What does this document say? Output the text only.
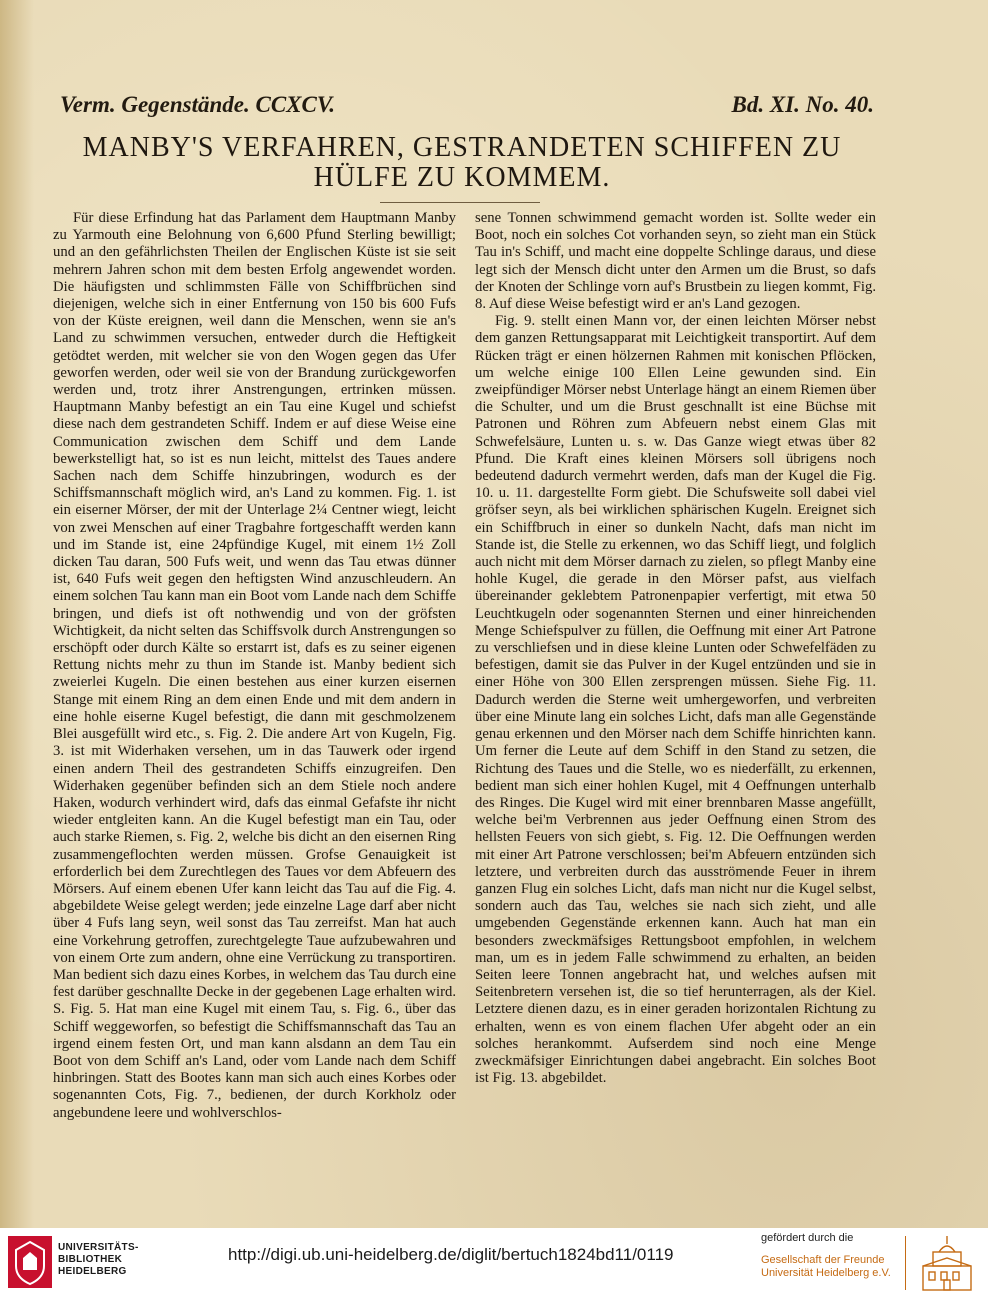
Verm. Gegenstände. CCXCV.	Bd. XI. No. 40.
MANBY'S VERFAHREN, GESTRANDETEN SCHIFFEN ZU HÜLFE ZU KOMMEM.

Für diese Erfindung hat das Parlament dem Hauptmann Manby zu Yarmouth eine Belohnung von 6,600 Pfund Sterling bewilligt; und an den gefährlichsten Theilen der Englischen Küste ist sie seit mehrern Jahren schon mit dem besten Erfolg angewendet worden. Die häufigsten und schlimmsten Fälle von Schiffbrüchen sind diejenigen, welche sich in einer Entfernung von 150 bis 600 Fufs von der Küste ereignen, weil dann die Menschen, wenn sie an's Land zu schwimmen versuchen, entweder durch die Heftigkeit getödtet werden, mit welcher sie von den Wogen gegen das Ufer geworfen werden, oder weil sie von der Brandung zurückgeworfen werden und, trotz ihrer Anstrengungen, ertrinken müssen. Hauptmann Manby befestigt an ein Tau eine Kugel und schiefst diese nach dem gestrandeten Schiff. Indem er auf diese Weise eine Communication zwischen dem Schiff und dem Lande bewerkstelligt hat, so ist es nun leicht, mittelst des Taues andere Sachen nach dem Schiffe hinzubringen, wodurch es der Schiffsmannschaft möglich wird, an's Land zu kommen. Fig. 1. ist ein eiserner Mörser, der mit der Unterlage 2¼ Centner wiegt, leicht von zwei Menschen auf einer Tragbahre fortgeschafft werden kann und im Stande ist, eine 24pfündige Kugel, mit einem 1½ Zoll dicken Tau daran, 500 Fufs weit, und wenn das Tau etwas dünner ist, 640 Fufs weit gegen den heftigsten Wind anzuschleudern. An einem solchen Tau kann man ein Boot vom Lande nach dem Schiffe bringen, und diefs ist oft nothwendig und von der gröfsten Wichtigkeit, da nicht selten das Schiffsvolk durch Anstrengungen so erschöpft oder durch Kälte so erstarrt ist, dafs es zu seiner eigenen Rettung nichts mehr zu thun im Stande ist. Manby bedient sich zweierlei Kugeln. Die einen bestehen aus einer kurzen eisernen Stange mit einem Ring an dem einen Ende und mit dem andern in eine hohle eiserne Kugel befestigt, die dann mit geschmolzenem Blei ausgefüllt wird etc., s. Fig. 2. Die andere Art von Kugeln, Fig. 3. ist mit Widerhaken versehen, um in das Tauwerk oder irgend einen andern Theil des gestrandeten Schiffs einzugreifen. Den Widerhaken gegenüber befinden sich an dem Stiele noch andere Haken, wodurch verhindert wird, dafs das einmal Gefafste ihr nicht wieder entgleiten kann. An die Kugel befestigt man ein Tau, oder auch starke Riemen, s. Fig. 2, welche bis dicht an den eisernen Ring zusammengeflochten werden müssen. Grofse Genauigkeit ist erforderlich bei dem Zurechtlegen des Taues vor dem Abfeuern des Mörsers. Auf einem ebenen Ufer kann leicht das Tau auf die Fig. 4. abgebildete Weise gelegt werden; jede einzelne Lage darf aber nicht über 4 Fufs lang seyn, weil sonst das Tau zerreifst. Man hat auch eine Vorkehrung getroffen, zurechtgelegte Taue aufzubewahren und von einem Orte zum andern, ohne eine Verrückung zu transportiren. Man bedient sich dazu eines Korbes, in welchem das Tau durch eine fest darüber geschnallte Decke in der gegebenen Lage erhalten wird. S. Fig. 5. Hat man eine Kugel mit einem Tau, s. Fig. 6., über das Schiff weggeworfen, so befestigt die Schiffsmannschaft das Tau an irgend einem festen Ort, und man kann alsdann an dem Tau ein Boot von dem Schiff an's Land, oder vom Lande nach dem Schiff hinbringen. Statt des Bootes kann man sich auch eines Korbes oder sogenannten Cots, Fig. 7., bedienen, der durch Korkholz oder angebundene leere und wohlverschlos-

sene Tonnen schwimmend gemacht worden ist. Sollte weder ein Boot, noch ein solches Cot vorhanden seyn, so zieht man ein Stück Tau in's Schiff, und macht eine doppelte Schlinge daraus, und diese legt sich der Mensch dicht unter den Armen um die Brust, so dafs der Knoten der Schlinge vorn auf's Brustbein zu liegen kommt, Fig. 8. Auf diese Weise befestigt wird er an's Land gezogen.

Fig. 9. stellt einen Mann vor, der einen leichten Mörser nebst dem ganzen Rettungsapparat mit Leichtigkeit transportirt. Auf dem Rücken trägt er einen hölzernen Rahmen mit konischen Pflöcken, um welche einige 100 Ellen Leine gewunden sind. Ein zweipfündiger Mörser nebst Unterlage hängt an einem Riemen über die Schulter, und um die Brust geschnallt ist eine Büchse mit Patronen und Röhren zum Abfeuern nebst einem Glas mit Schwefelsäure, Lunten u. s. w. Das Ganze wiegt etwas über 82 Pfund. Die Kraft eines kleinen Mörsers soll übrigens noch bedeutend dadurch vermehrt werden, dafs man der Kugel die Fig. 10. u. 11. dargestellte Form giebt. Die Schufsweite soll dabei viel gröfser seyn, als bei wirklichen sphärischen Kugeln. Ereignet sich ein Schiffbruch in einer so dunkeln Nacht, dafs man nicht im Stande ist, die Stelle zu erkennen, wo das Schiff liegt, und folglich auch nicht mit dem Mörser darnach zu zielen, so pflegt Manby eine hohle Kugel, die gerade in den Mörser pafst, aus vielfach übereinander geklebtem Patronenpapier verfertigt, mit etwa 50 Leuchtkugeln oder sogenannten Sternen und einer hinreichenden Menge Schiefspulver zu füllen, die Oeffnung mit einer Art Patrone zu verschliefsen und in diese kleine Lunten oder Schwefelfäden zu befestigen, damit sie das Pulver in der Kugel entzünden und sie in einer Höhe von 300 Ellen zersprengen müssen. Siehe Fig. 11. Dadurch werden die Sterne weit umhergeworfen, und verbreiten über eine Minute lang ein solches Licht, dafs man alle Gegenstände genau erkennen und den Mörser nach dem Schiffe hinrichten kann. Um ferner die Leute auf dem Schiff in den Stand zu setzen, die Richtung des Taues und die Stelle, wo es niederfällt, zu erkennen, bedient man sich einer hohlen Kugel, mit 4 Oeffnungen unterhalb des Ringes. Die Kugel wird mit einer brennbaren Masse angefüllt, welche bei'm Verbrennen aus jeder Oeffnung einen Strom des hellsten Feuers von sich giebt, s. Fig. 12. Die Oeffnungen werden mit einer Art Patrone verschlossen; bei'm Abfeuern entzünden sich letztere, und verbreiten durch das ausströmende Feuer in ihrem ganzen Flug ein solches Licht, dafs man nicht nur die Kugel selbst, sondern auch das Tau, welches sie nach sich zieht, und alle umgebenden Gegenstände erkennen kann. Auch hat man ein besonders zweckmäfsiges Rettungsboot empfohlen, in welchem man, um es in jedem Falle schwimmend zu erhalten, an beiden Seiten leere Tonnen angebracht hat, und welches aufsen mit Seitenbretern versehen ist, die so tief herunterragen, als der Kiel. Letztere dienen dazu, es in einer geraden horizontalen Richtung zu erhalten, wenn es von einem flachen Ufer abgeht oder an ein solches herankommt. Aufserdem sind noch eine Menge zweckmäfsiger Einrichtungen dabei angebracht. Ein solches Boot ist Fig. 13. abgebildet.

UNIVERSITÄTS-
BIBLIOTHEK
HEIDELBERG
http://digi.ub.uni-heidelberg.de/diglit/bertuch1824bd11/0119
gefördert durch die
Gesellschaft der Freunde
Universität Heidelberg e.V.
